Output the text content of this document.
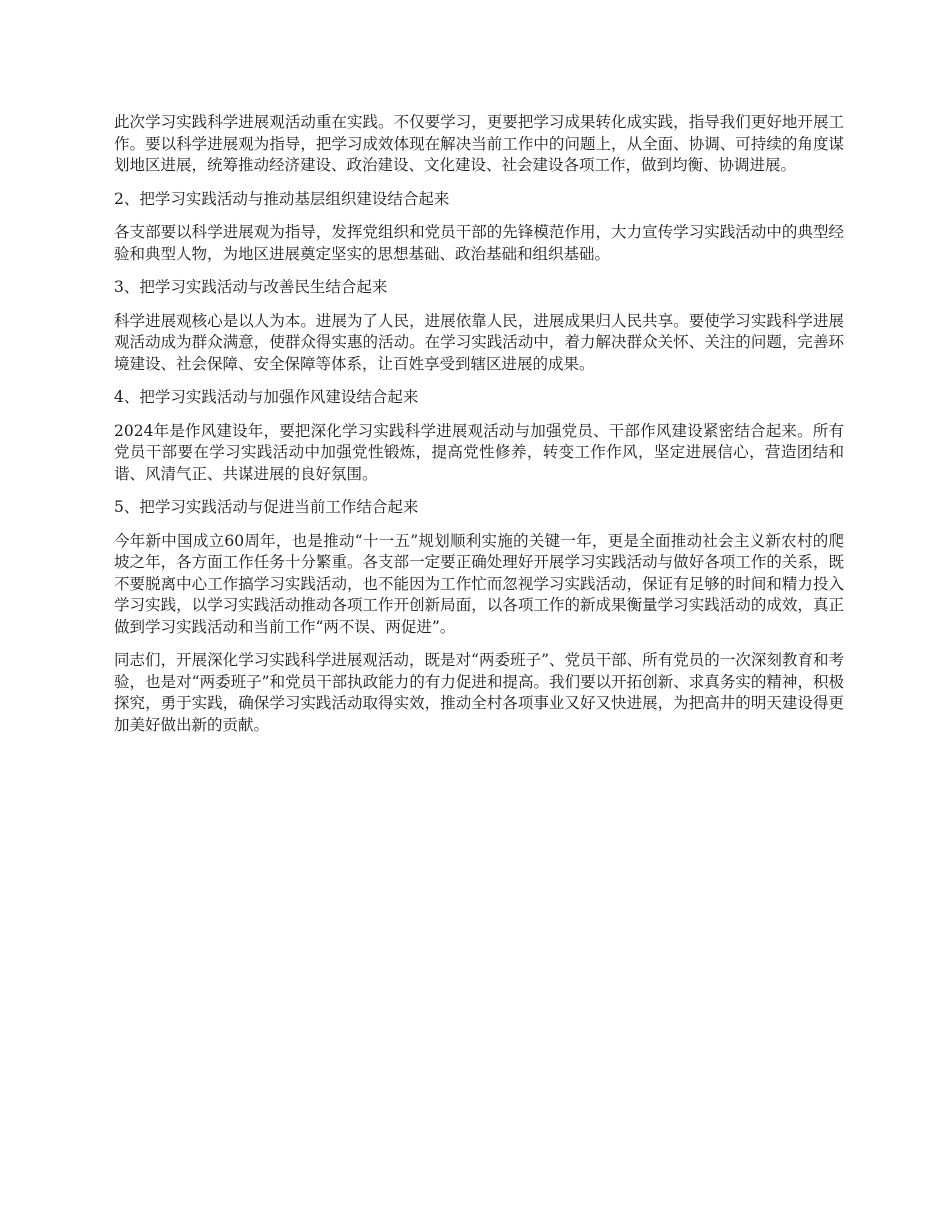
此次学习实践科学进展观活动重在实践。不仅要学习，更要把学习成果转化成实践，指导我们更好地开展工作。要以科学进展观为指导，把学习成效体现在解决当前工作中的问题上，从全面、协调、可持续的角度谋划地区进展，统筹推动经济建设、政治建设、文化建设、社会建设各项工作，做到均衡、协调进展。

2、把学习实践活动与推动基层组织建设结合起来

各支部要以科学进展观为指导，发挥党组织和党员干部的先锋模范作用，大力宣传学习实践活动中的典型经验和典型人物，为地区进展奠定坚实的思想基础、政治基础和组织基础。

3、把学习实践活动与改善民生结合起来

科学进展观核心是以人为本。进展为了人民，进展依靠人民，进展成果归人民共享。要使学习实践科学进展观活动成为群众满意，使群众得实惠的活动。在学习实践活动中，着力解决群众关怀、关注的问题，完善环境建设、社会保障、安全保障等体系，让百姓享受到辖区进展的成果。

4、把学习实践活动与加强作风建设结合起来

2024年是作风建设年，要把深化学习实践科学进展观活动与加强党员、干部作风建设紧密结合起来。所有党员干部要在学习实践活动中加强党性锻炼，提高党性修养，转变工作作风，坚定进展信心，营造团结和谐、风清气正、共谋进展的良好氛围。

5、把学习实践活动与促进当前工作结合起来

今年新中国成立60周年，也是推动“十一五”规划顺利实施的关键一年，更是全面推动社会主义新农村的爬坡之年，各方面工作任务十分繁重。各支部一定要正确处理好开展学习实践活动与做好各项工作的关系，既不要脱离中心工作搞学习实践活动，也不能因为工作忙而忽视学习实践活动，保证有足够的时间和精力投入学习实践，以学习实践活动推动各项工作开创新局面，以各项工作的新成果衡量学习实践活动的成效，真正做到学习实践活动和当前工作“两不误、两促进”。

同志们，开展深化学习实践科学进展观活动，既是对“两委班子”、党员干部、所有党员的一次深刻教育和考验，也是对“两委班子”和党员干部执政能力的有力促进和提高。我们要以开拓创新、求真务实的精神，积极探究，勇于实践，确保学习实践活动取得实效，推动全村各项事业又好又快进展，为把高井的明天建设得更加美好做出新的贡献。
